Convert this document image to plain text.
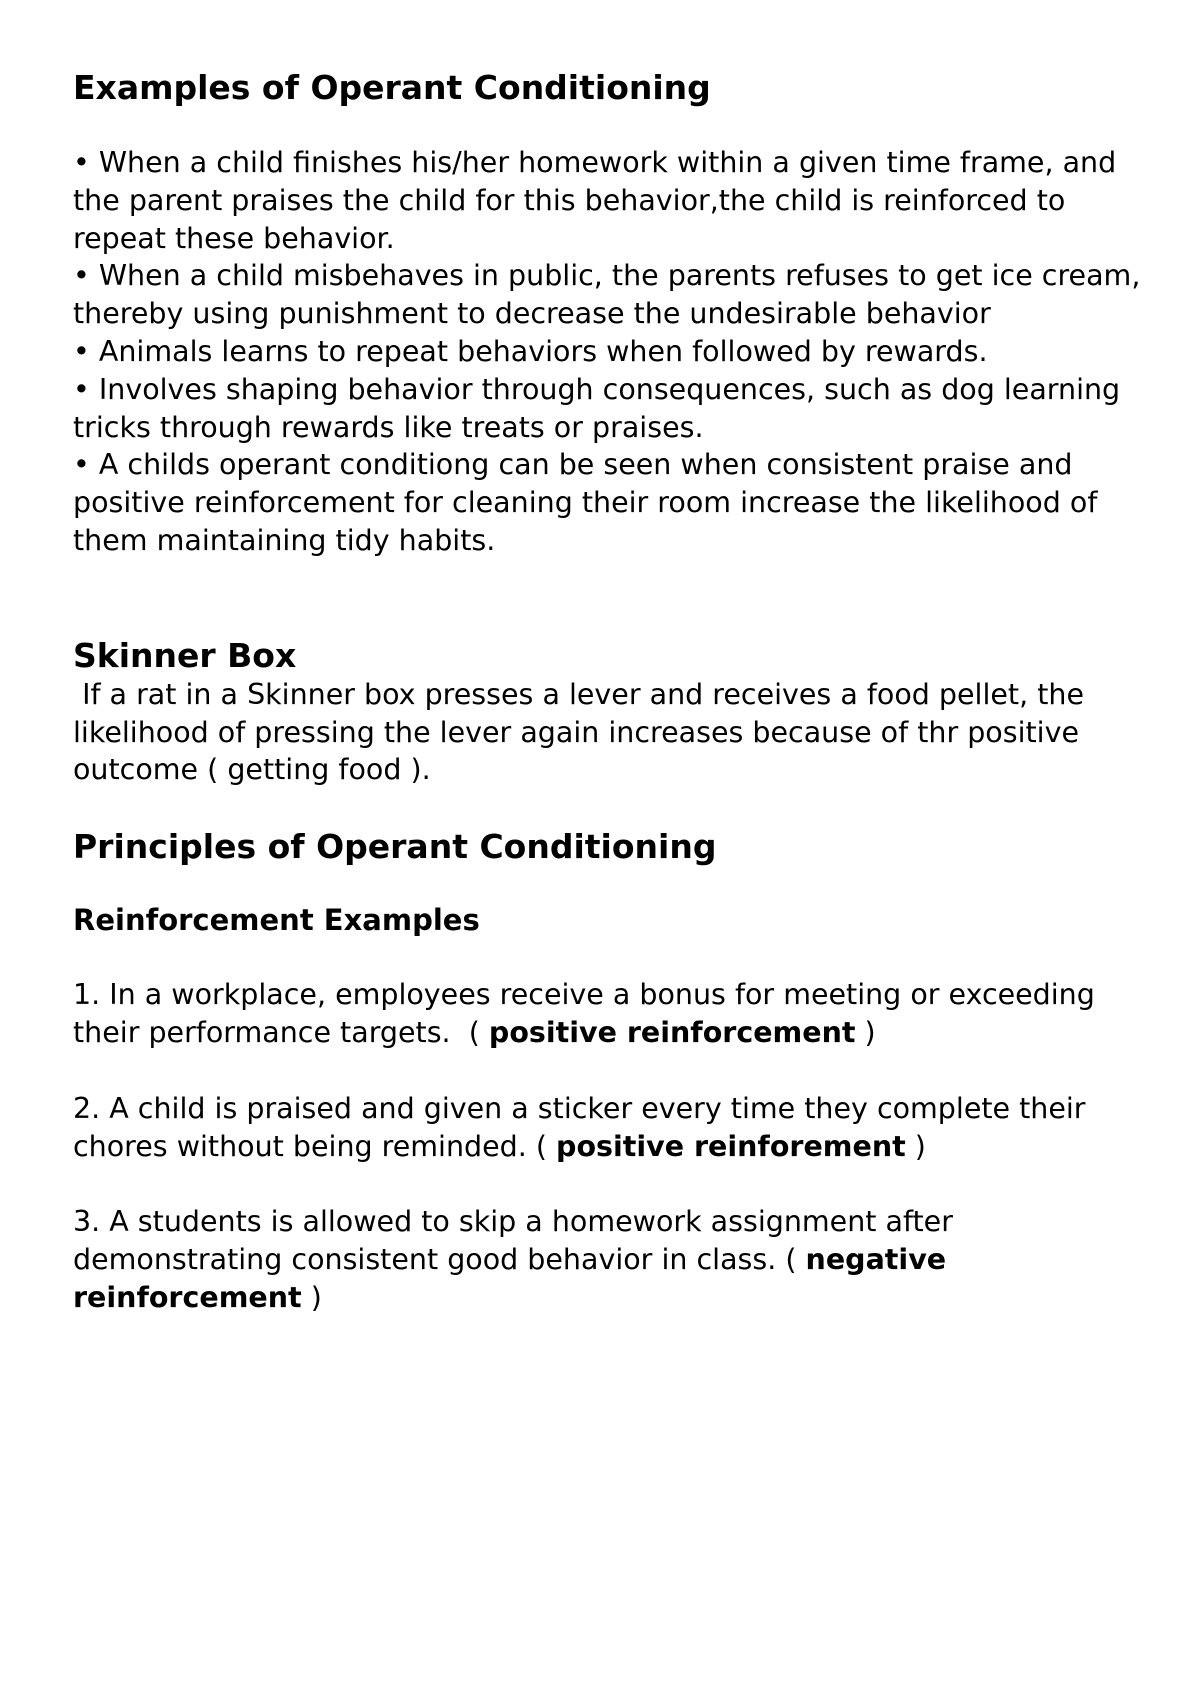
Examples of Operant Conditioning
• When a child finishes his/her homework within a given time frame, and the parent praises the child for this behavior,the child is reinforced to repeat these behavior.
• When a child misbehaves in public, the parents refuses to get ice cream, thereby using punishment to decrease the undesirable behavior
• Animals learns to repeat behaviors when followed by rewards.
• Involves shaping behavior through consequences, such as dog learning tricks through rewards like treats or praises.
• A childs operant conditiong can be seen when consistent praise and positive reinforcement for cleaning their room increase the likelihood of them maintaining tidy habits.
Skinner Box

If a rat in a Skinner box presses a lever and receives a food pellet, the likelihood of pressing the lever again increases because of thr positive outcome ( getting food ).

Principles of Operant Conditioning
Reinforcement Examples

1. In a workplace, employees receive a bonus for meeting or exceeding their performance targets.  ( positive reinforcement )

2. A child is praised and given a sticker every time they complete their chores without being reminded. ( positive reinforement )

3. A students is allowed to skip a homework assignment after demonstrating consistent good behavior in class. ( negative reinforcement )
